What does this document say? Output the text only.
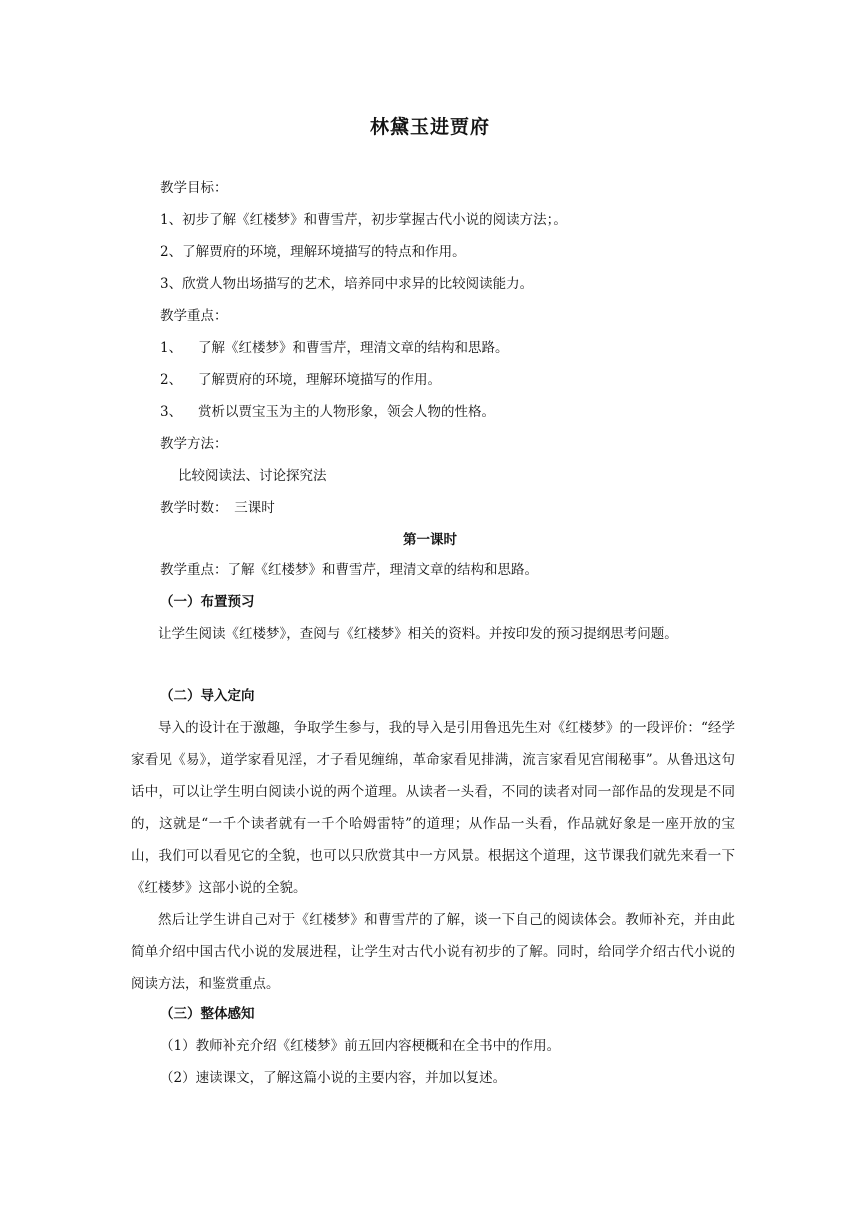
林黛玉进贾府
教学目标：
1、初步了解《红楼梦》和曹雪芹，初步掌握古代小说的阅读方法；。
2、了解贾府的环境，理解环境描写的特点和作用。
3、欣赏人物出场描写的艺术，培养同中求异的比较阅读能力。
教学重点：
1、 了解《红楼梦》和曹雪芹，理清文章的结构和思路。
2、 了解贾府的环境，理解环境描写的作用。
3、 赏析以贾宝玉为主的人物形象，领会人物的性格。
教学方法：
比较阅读法、讨论探究法
教学时数：　三课时
第一课时
教学重点：了解《红楼梦》和曹雪芹，理清文章的结构和思路。
（一）布置预习

让学生阅读《红楼梦》，查阅与《红楼梦》相关的资料。并按印发的预习提纲思考问题。

（二）导入定向

导入的设计在于激趣，争取学生参与，我的导入是引用鲁迅先生对《红楼梦》的一段评价：“经学家看见《易》，道学家看见淫，才子看见缠绵，革命家看见排满，流言家看见宫闱秘事”。从鲁迅这句话中，可以让学生明白阅读小说的两个道理。从读者一头看，不同的读者对同一部作品的发现是不同的，这就是“一千个读者就有一千个哈姆雷特”的道理；从作品一头看，作品就好象是一座开放的宝山，我们可以看见它的全貌，也可以只欣赏其中一方风景。根据这个道理，这节课我们就先来看一下《红楼梦》这部小说的全貌。

然后让学生讲自己对于《红楼梦》和曹雪芹的了解，谈一下自己的阅读体会。教师补充，并由此简单介绍中国古代小说的发展进程，让学生对古代小说有初步的了解。同时，给同学介绍古代小说的阅读方法，和鉴赏重点。

（三）整体感知
（1）教师补充介绍《红楼梦》前五回内容梗概和在全书中的作用。
（2）速读课文，了解这篇小说的主要内容，并加以复述。
